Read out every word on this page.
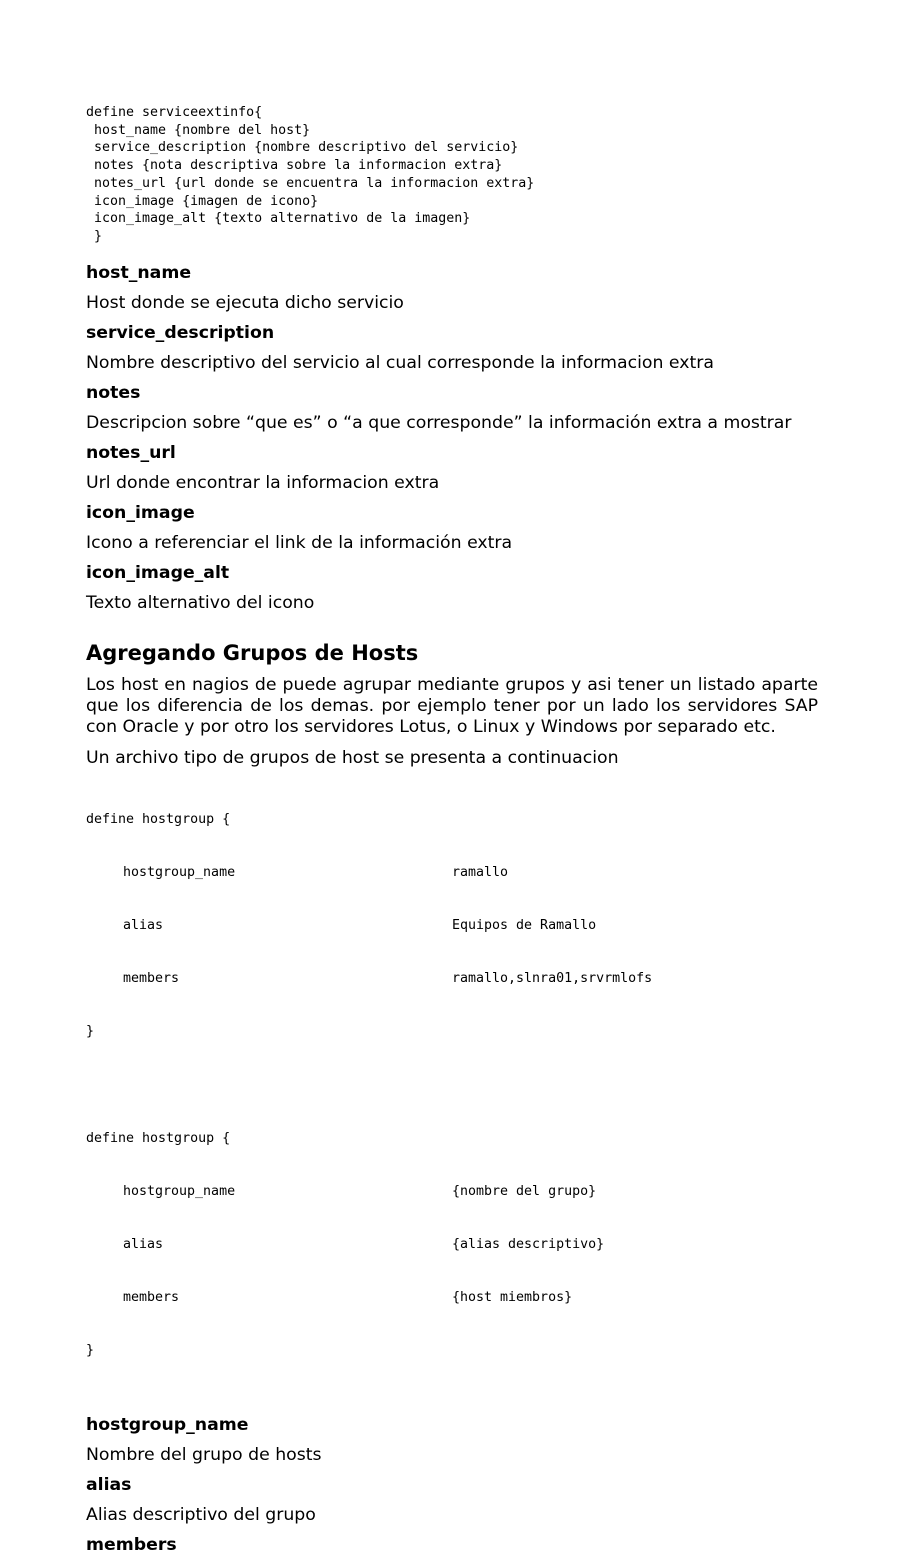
define serviceextinfo{
host_name {nombre del host}
service_description {nombre descriptivo del servicio}
notes {nota descriptiva sobre la informacion extra}
notes_url {url donde se encuentra la informacion extra}
icon_image {imagen de icono}
icon_image_alt {texto alternativo de la imagen}
}

host_name

Host donde se ejecuta dicho servicio

service_description

Nombre descriptivo del servicio al cual corresponde la informacion extra

notes

Descripcion sobre “que es” o “a que corresponde” la información extra a mostrar

notes_url

Url donde encontrar la informacion extra

icon_image

Icono a referenciar el link de la información extra

icon_image_alt

Texto alternativo del icono

Agregando Grupos de Hosts

Los host en nagios de puede agrupar mediante grupos y asi tener un listado aparte que los diferencia de los demas. por ejemplo tener por un lado los servidores SAP con Oracle y por otro los servidores Lotus, o Linux y Windows por separado etc.

Un archivo tipo de grupos de host se presenta a continuacion

define hostgroup {

hostgroup_name	ramallo

alias	Equipos de Ramallo

members	ramallo,slnra01,srvrmlofs

}

define hostgroup {

hostgroup_name	{nombre del grupo}

alias	{alias descriptivo}

members	{host miembros}

}

hostgroup_name

Nombre del grupo de hosts

alias

Alias descriptivo del grupo

members
